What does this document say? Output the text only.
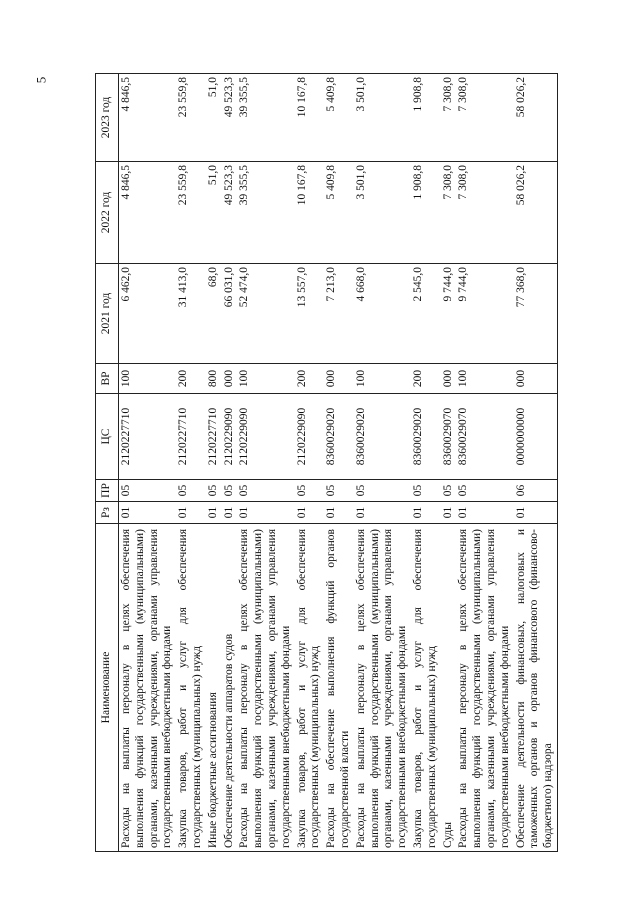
5
Наименование	Рз	ПР	ЦС	ВР	2021 год	2022 год	2023 год
Расходы на выплаты персоналу в целях обеспечения выполнения функций государственными (муниципальными) органами, казенными учреждениями, органами управления государственными внебюджетными фондами	01	05	2120227710	100	6 462,0	4 846,5	4 846,5
Закупка товаров, работ и услуг для обеспечения государственных (муниципальных) нужд	01	05	2120227710	200	31 413,0	23 559,8	23 559,8
Иные бюджетные ассигнования	01	05	2120227710	800	68,0	51,0	51,0
Обеспечение деятельности аппаратов судов	01	05	2120229090	000	66 031,0	49 523,3	49 523,3
Расходы на выплаты персоналу в целях обеспечения выполнения функций государственными (муниципальными) органами, казенными учреждениями, органами управления государственными внебюджетными фондами	01	05	2120229090	100	52 474,0	39 355,5	39 355,5
Закупка товаров, работ и услуг для обеспечения государственных (муниципальных) нужд	01	05	2120229090	200	13 557,0	10 167,8	10 167,8
Расходы на обеспечение выполнения функций органов государственной власти	01	05	8360029020	000	7 213,0	5 409,8	5 409,8
Расходы на выплаты персоналу в целях обеспечения выполнения функций государственными (муниципальными) органами, казенными учреждениями, органами управления государственными внебюджетными фондами	01	05	8360029020	100	4 668,0	3 501,0	3 501,0
Закупка товаров, работ и услуг для обеспечения государственных (муниципальных) нужд	01	05	8360029020	200	2 545,0	1 908,8	1 908,8
Суды	01	05	8360029070	000	9 744,0	7 308,0	7 308,0
Расходы на выплаты персоналу в целях обеспечения выполнения функций государственными (муниципальными) органами, казенными учреждениями, органами управления государственными внебюджетными фондами	01	05	8360029070	100	9 744,0	7 308,0	7 308,0
Обеспечение деятельности финансовых, налоговых и таможенных органов и органов финансового (финансово-бюджетного) надзора	01	06	0000000000	000	77 368,0	58 026,2	58 026,2
